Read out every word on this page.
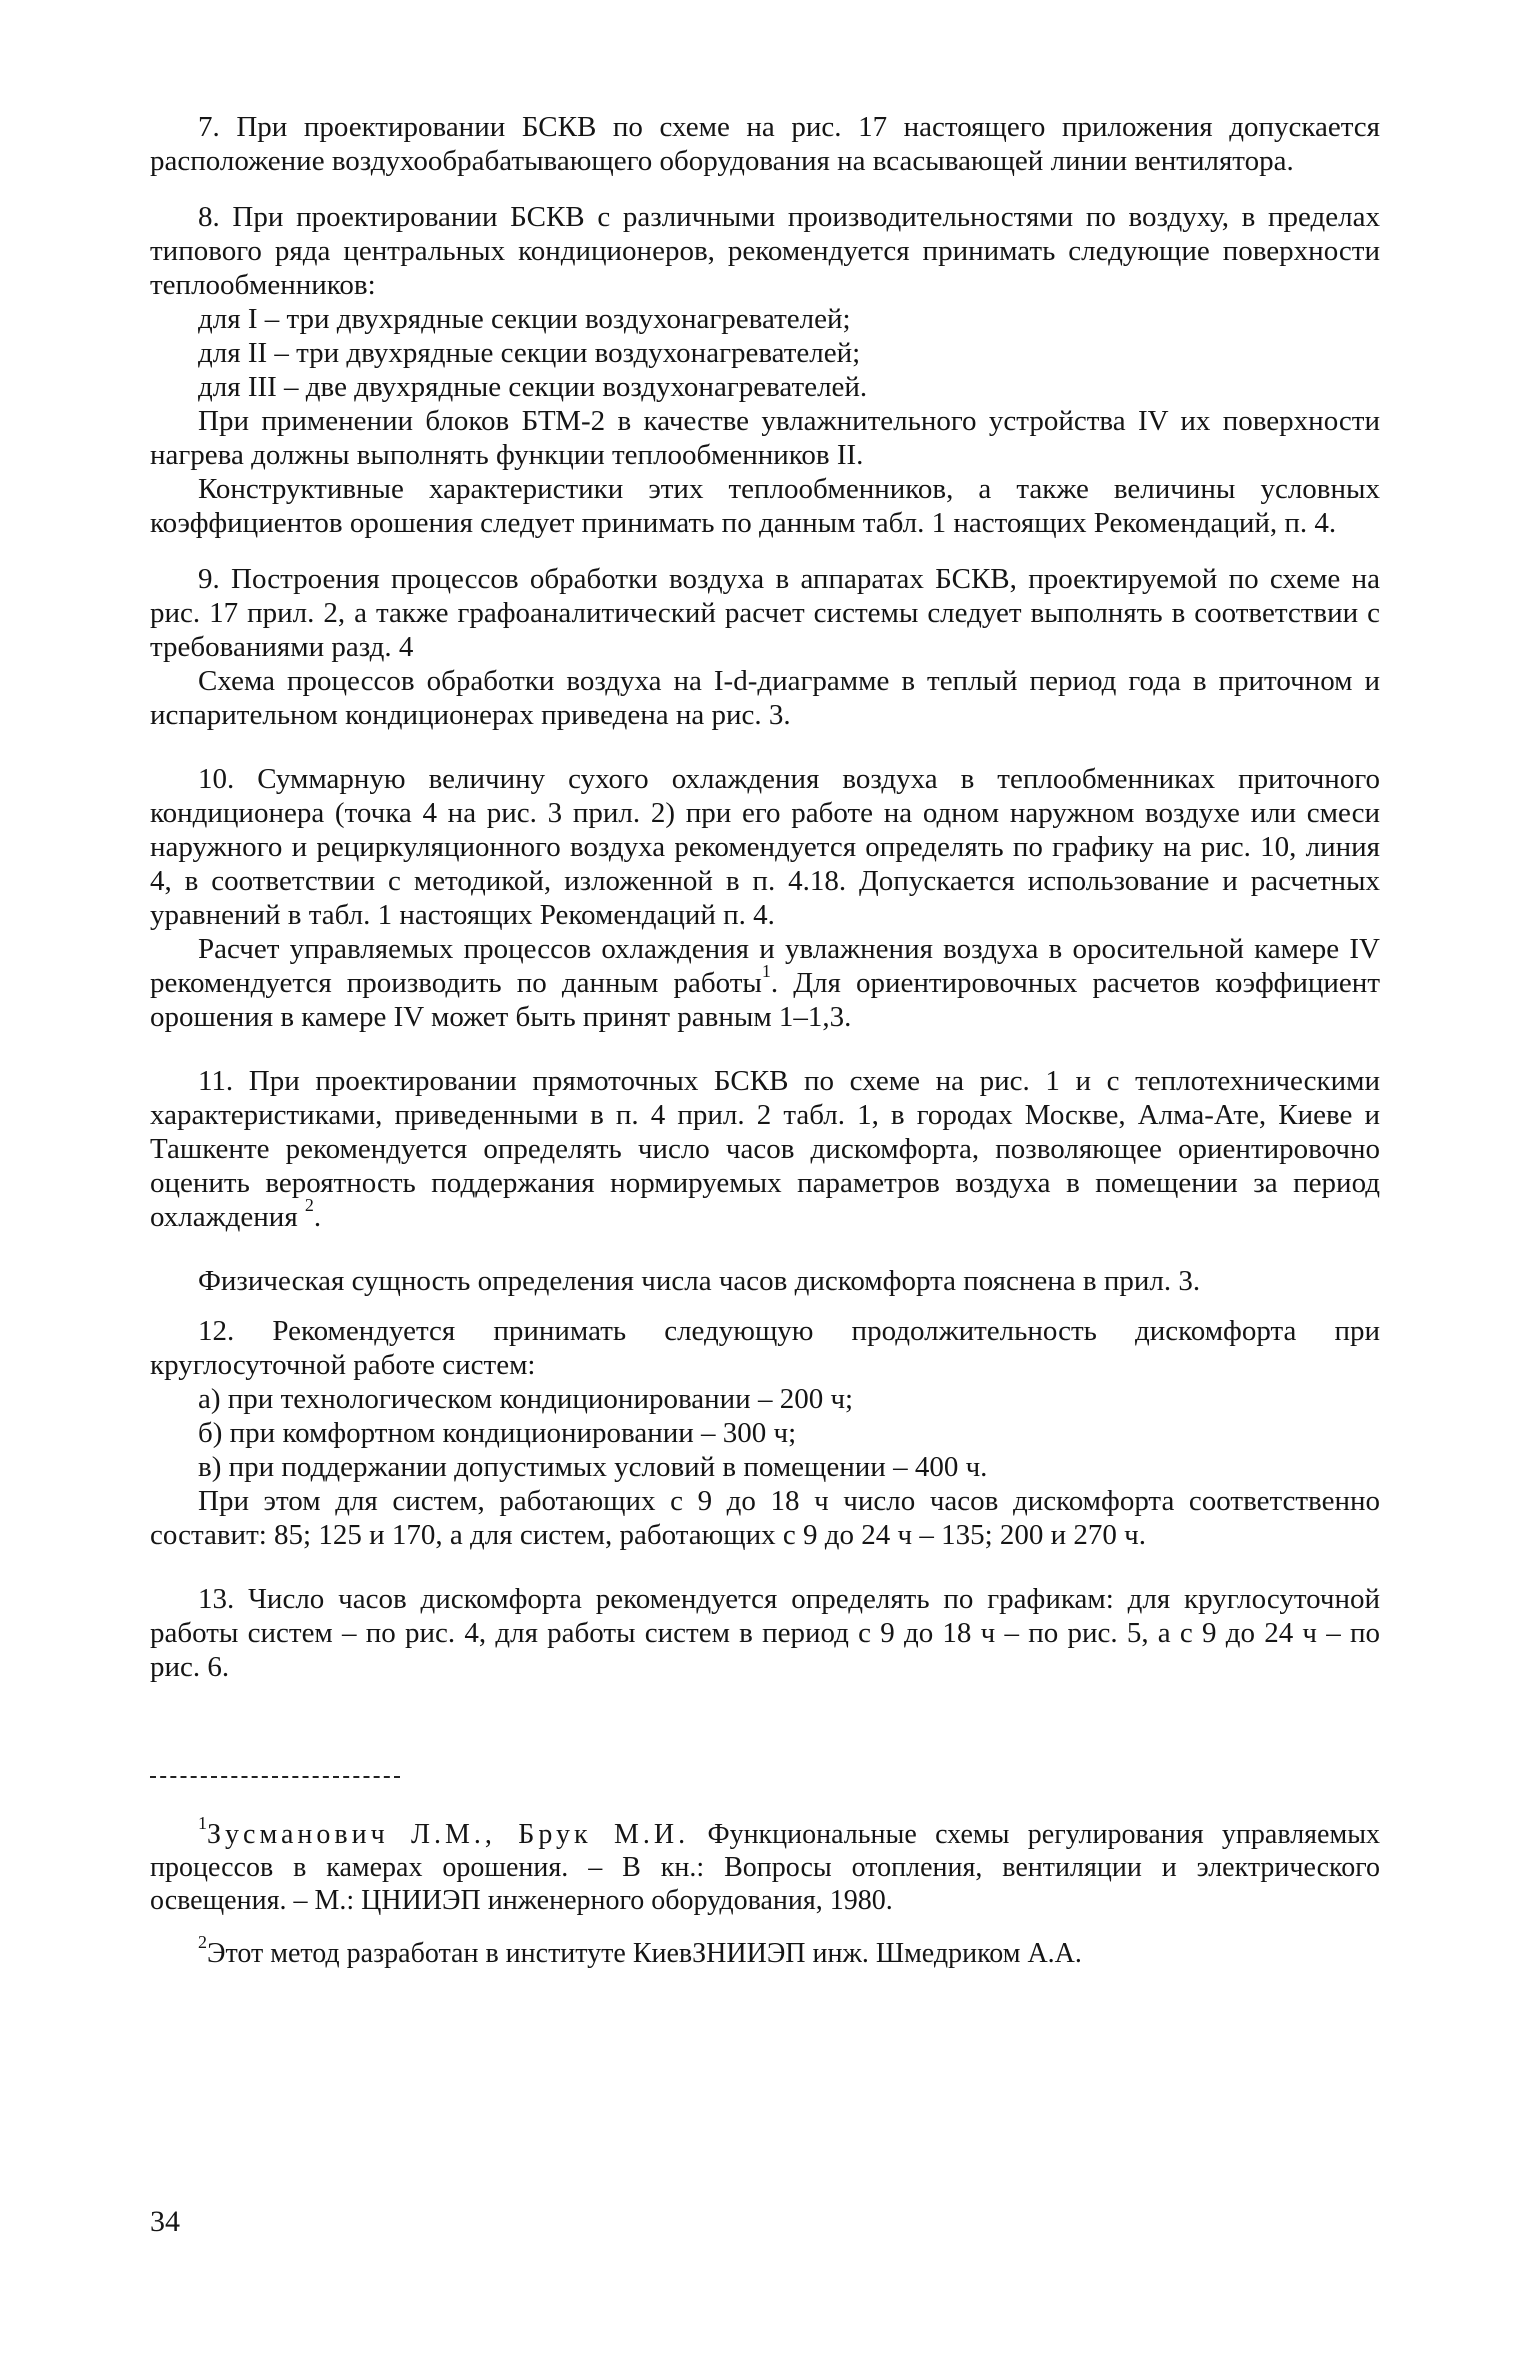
7. При проектировании БСКВ по схеме на рис. 17 настоящего приложения допускается расположение воздухообрабатывающего оборудования на всасывающей линии вентилятора.

8. При проектировании БСКВ с различными производительностями по воздуху, в пределах типового ряда центральных кондиционеров, рекомендуется принимать следующие поверхности теплообменников:

для I – три двухрядные секции воздухонагревателей;

для II – три двухрядные секции воздухонагревателей;

для III – две двухрядные секции воздухонагревателей.

При применении блоков БТМ-2 в качестве увлажнительного устройства IV их поверхности нагрева должны выполнять функции теплообменников II.

Конструктивные характеристики этих теплообменников, а также величины условных коэффициентов орошения следует принимать по данным табл. 1 настоящих Рекомендаций, п. 4.

9. Построения процессов обработки воздуха в аппаратах БСКВ, проектируемой по схеме на рис. 17 прил. 2, а также графоаналитический расчет системы следует выполнять в соответствии с требованиями разд. 4

Схема процессов обработки воздуха на I-d-диаграмме в теплый период года в приточном и испарительном кондиционерах приведена на рис. 3.

10. Суммарную величину сухого охлаждения воздуха в теплообменниках приточного кондиционера (точка 4 на рис. 3 прил. 2) при его работе на одном наружном воздухе или смеси наружного и рециркуляционного воздуха рекомендуется определять по графику на рис. 10, линия 4, в соответствии с методикой, изложенной в п. 4.18. Допускается использование и расчетных уравнений в табл. 1 настоящих Рекомендаций п. 4.

Расчет управляемых процессов охлаждения и увлажнения воздуха в оросительной камере IV рекомендуется производить по данным работы$^1$. Для ориентировочных расчетов коэффициент орошения в камере IV может быть принят равным 1–1,3.

11. При проектировании прямоточных БСКВ по схеме на рис. 1 и с теплотехническими характеристиками, приведенными в п. 4 прил. 2 табл. 1, в городах Москве, Алма-Ате, Киеве и Ташкенте рекомендуется определять число часов дискомфорта, позволяющее ориентировочно оценить вероятность поддержания нормируемых параметров воздуха в помещении за период охлаждения $^2$.

Физическая сущность определения числа часов дискомфорта пояснена в прил. 3.

12. Рекомендуется принимать следующую продолжительность дискомфорта при круглосуточной работе систем:

а) при технологическом кондиционировании – 200 ч;

б) при комфортном кондиционировании – 300 ч;

в) при поддержании допустимых условий в помещении – 400 ч.

При этом для систем, работающих с 9 до 18 ч число часов дискомфорта соответственно составит: 85; 125 и 170, а для систем, работающих с 9 до 24 ч – 135; 200 и 270 ч.

13. Число часов дискомфорта рекомендуется определять по графикам: для круглосуточной работы систем – по рис. 4, для работы систем в период с 9 до 18 ч – по рис. 5, а с 9 до 24 ч – по рис. 6.

$^1$Зусманович Л.М., Брук М.И. Функциональные схемы регулирования управляемых процессов в камерах орошения. – В кн.: Вопросы отопления, вентиляции и электрического освещения. – М.: ЦНИИЭП инженерного оборудования, 1980.

$^2$Этот метод разработан в институте КиевЗНИИЭП инж. Шмедриком А.А.

34
